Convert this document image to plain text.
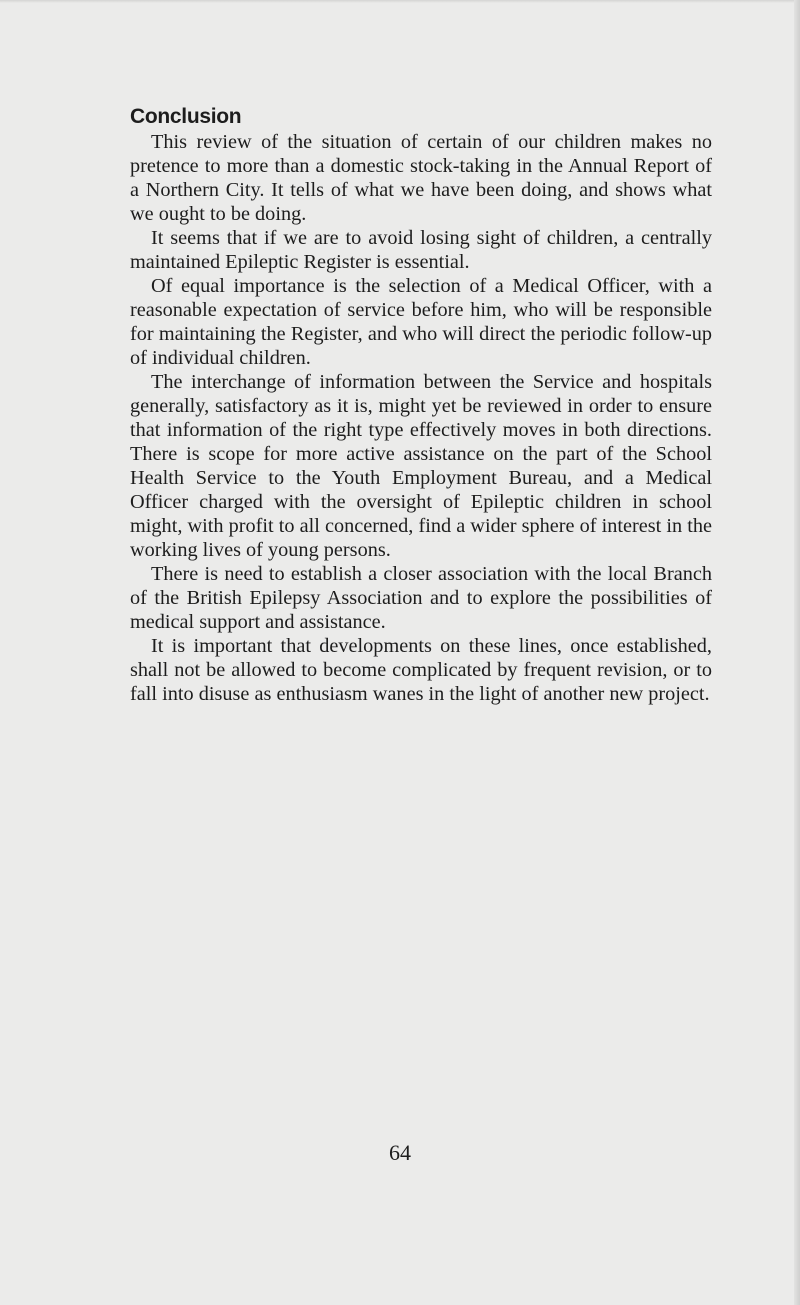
Conclusion

This review of the situation of certain of our children makes no pretence to more than a domestic stock-taking in the Annual Report of a Northern City. It tells of what we have been doing, and shows what we ought to be doing.

It seems that if we are to avoid losing sight of children, a centrally maintained Epileptic Register is essential.

Of equal importance is the selection of a Medical Officer, with a reasonable expectation of service before him, who will be responsible for maintaining the Register, and who will direct the periodic follow-up of individual children.

The interchange of information between the Service and hospitals generally, satisfactory as it is, might yet be reviewed in order to ensure that information of the right type effectively moves in both directions. There is scope for more active assistance on the part of the School Health Service to the Youth Employment Bureau, and a Medical Officer charged with the oversight of Epileptic children in school might, with profit to all concerned, find a wider sphere of interest in the working lives of young persons.

There is need to establish a closer association with the local Branch of the British Epilepsy Association and to explore the possibilities of medical support and assistance.

It is important that developments on these lines, once established, shall not be allowed to become complicated by frequent revision, or to fall into disuse as enthusiasm wanes in the light of another new project.

64
